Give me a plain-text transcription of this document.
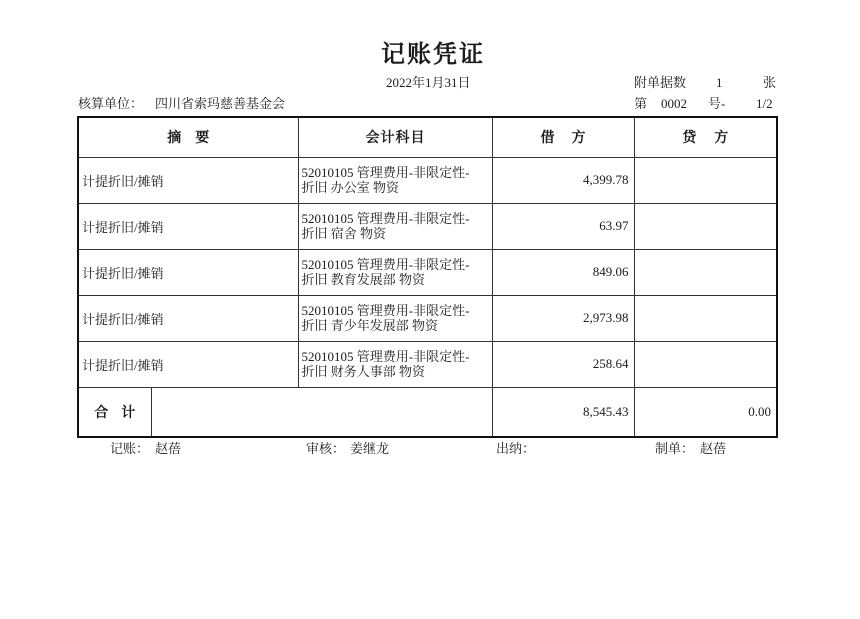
记账凭证
2022年1月31日	附单据数 1	张
核算单位： 四川省索玛慈善基金会	第 0002 号- 1/2
摘要		会计科目	借方	贷方
计提折旧/摊销		52010105 管理费用-非限定性-
折旧 办公室 物资	4,399.78	
计提折旧/摊销		52010105 管理费用-非限定性-
折旧 宿舍 物资	63.97	
计提折旧/摊销		52010105 管理费用-非限定性-
折旧 教育发展部 物资	849.06	
计提折旧/摊销		52010105 管理费用-非限定性-
折旧 青少年发展部 物资	2,973.98	
计提折旧/摊销		52010105 管理费用-非限定性-
折旧 财务人事部 物资	258.64	
合计			8,545.43	0.00
记账： 赵蓓	审核： 姜继龙	出纳：	制单： 赵蓓
